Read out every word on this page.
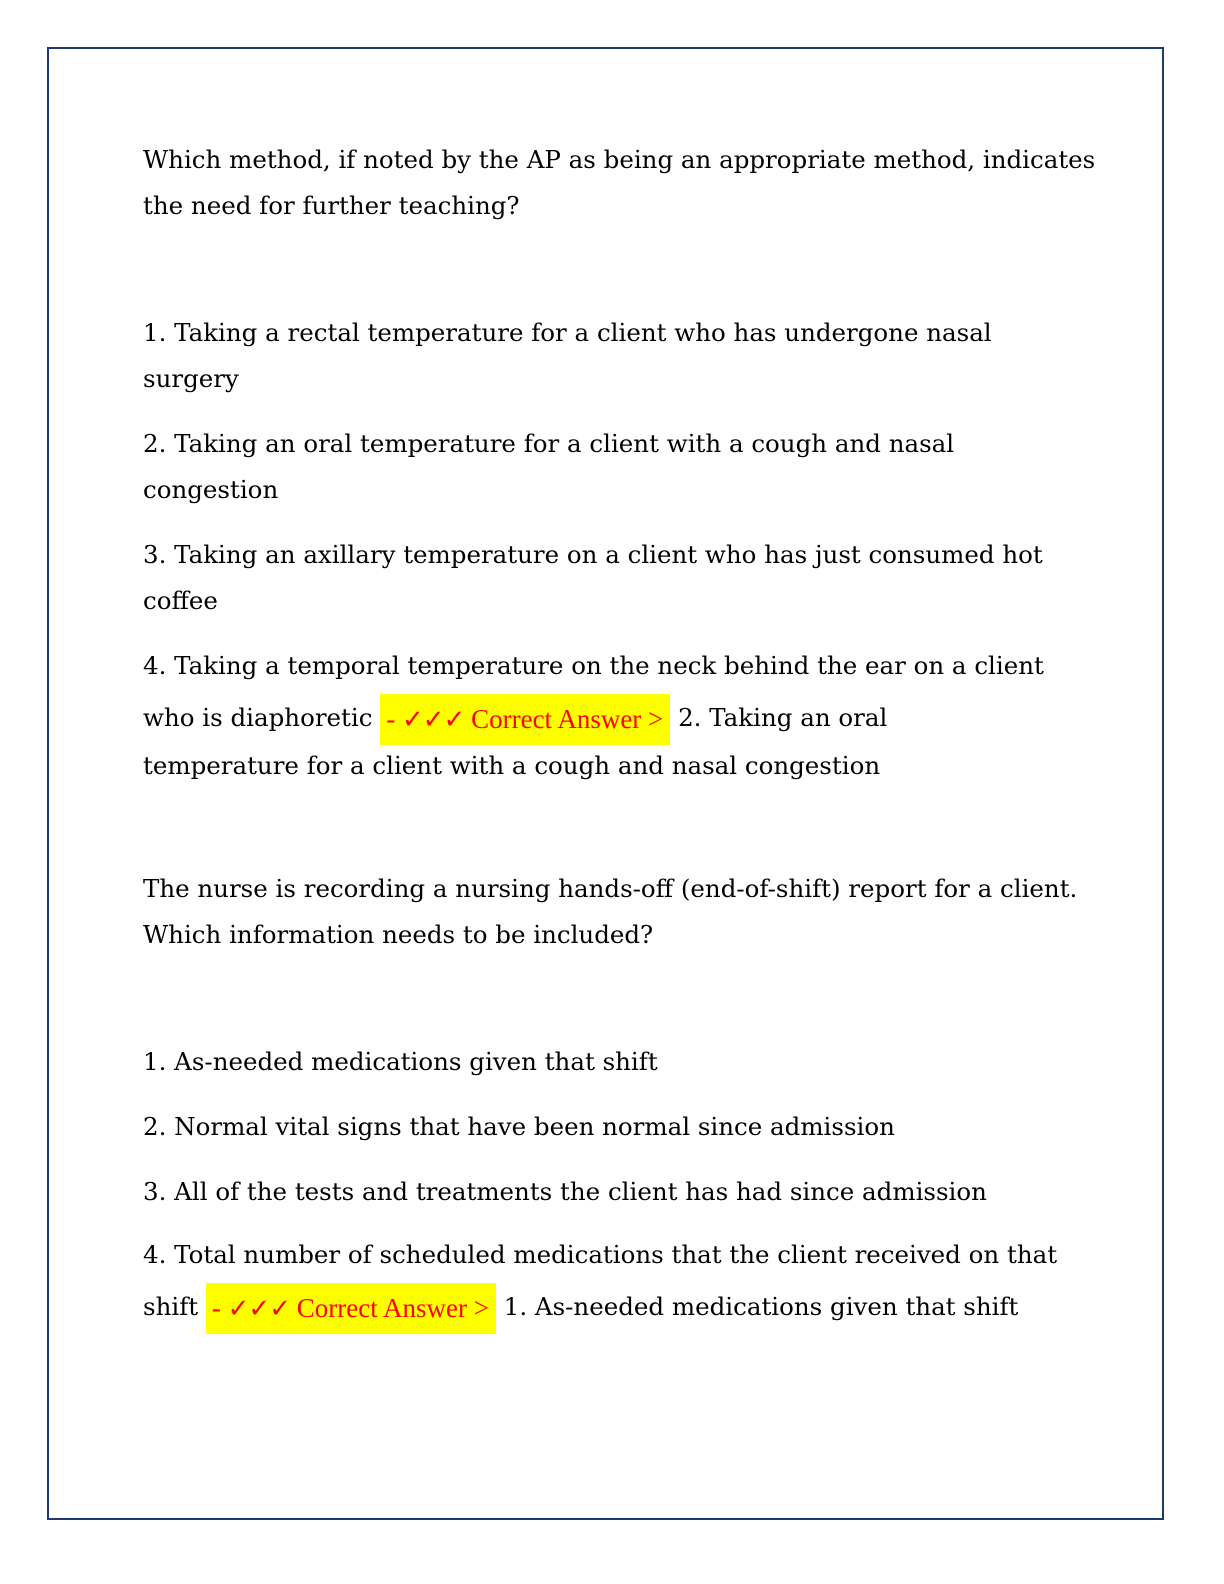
Which method, if noted by the AP as being an appropriate method, indicates

the need for further teaching?

1. Taking a rectal temperature for a client who has undergone nasal

surgery

2. Taking an oral temperature for a client with a cough and nasal

congestion

3. Taking an axillary temperature on a client who has just consumed hot

coffee

4. Taking a temporal temperature on the neck behind the ear on a client

who is diaphoretic - ✓✓✓ Correct Answer > 2. Taking an oral

temperature for a client with a cough and nasal congestion

The nurse is recording a nursing hands-off (end-of-shift) report for a client.

Which information needs to be included?

1. As-needed medications given that shift

2. Normal vital signs that have been normal since admission

3. All of the tests and treatments the client has had since admission

4. Total number of scheduled medications that the client received on that

shift - ✓✓✓ Correct Answer > 1. As-needed medications given that shift
